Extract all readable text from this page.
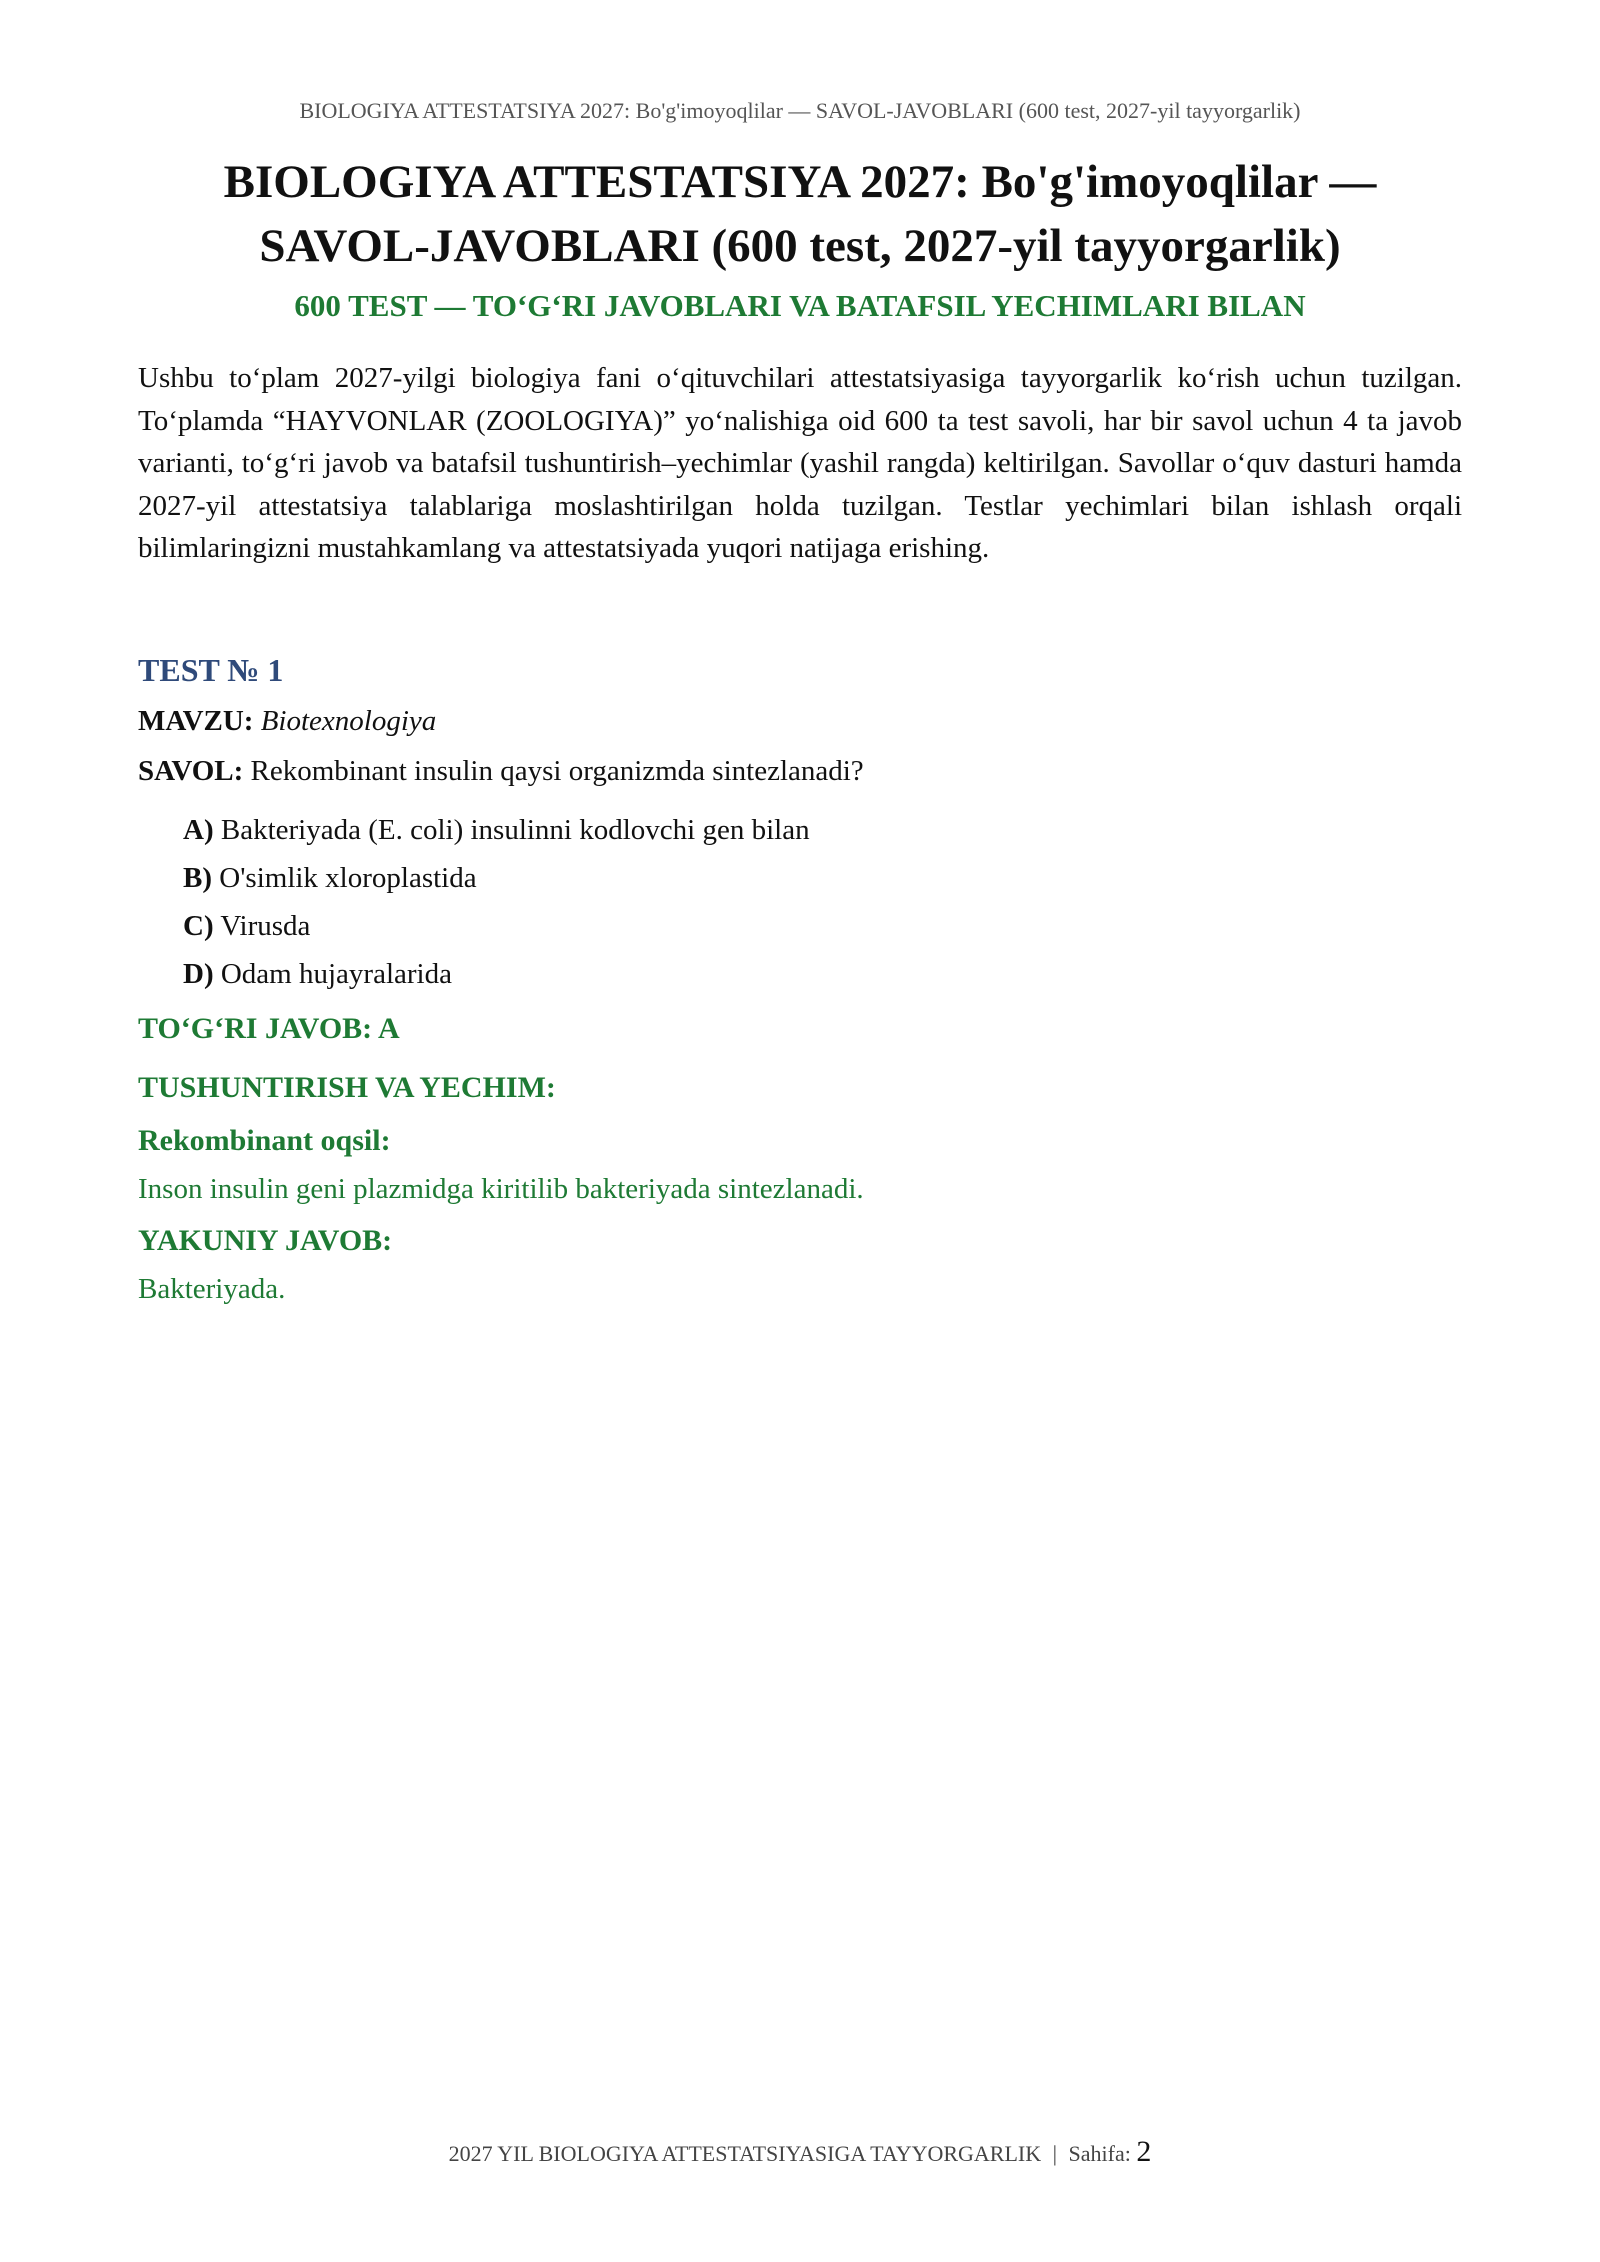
BIOLOGIYA ATTESTATSIYA 2027: Bo'g'imoyoqlilar — SAVOL-JAVOBLARI (600 test, 2027-yil tayyorgarlik)
BIOLOGIYA ATTESTATSIYA 2027: Bo'g'imoyoqlilar —
SAVOL-JAVOBLARI (600 test, 2027-yil tayyorgarlik)
600 TEST — TO‘G‘RI JAVOBLARI VA BATAFSIL YECHIMLARI BILAN

Ushbu to‘plam 2027-yilgi biologiya fani o‘qituvchilari attestatsiyasiga tayyorgarlik ko‘rish uchun tuzilgan. To‘plamda “HAYVONLAR (ZOOLOGIYA)” yo‘nalishiga oid 600 ta test savoli, har bir savol uchun 4 ta javob varianti, to‘g‘ri javob va batafsil tushuntirish–yechimlar (yashil rangda) keltirilgan. Savollar o‘quv dasturi hamda 2027-yil attestatsiya talablariga moslashtirilgan holda tuzilgan. Testlar yechimlari bilan ishlash orqali bilimlaringizni mustahkamlang va attestatsiyada yuqori natijaga erishing.

TEST № 1
MAVZU: Biotexnologiya
SAVOL: Rekombinant insulin qaysi organizmda sintezlanadi?
A) Bakteriyada (E. coli) insulinni kodlovchi gen bilan
B) O'simlik xloroplastida
C) Virusda
D) Odam hujayralarida
TO‘G‘RI JAVOB: A
TUSHUNTIRISH VA YECHIM:
Rekombinant oqsil:
Inson insulin geni plazmidga kiritilib bakteriyada sintezlanadi.
YAKUNIY JAVOB:
Bakteriyada.
2027 YIL BIOLOGIYA ATTESTATSIYASIGA TAYYORGARLIK | Sahifa: 2
